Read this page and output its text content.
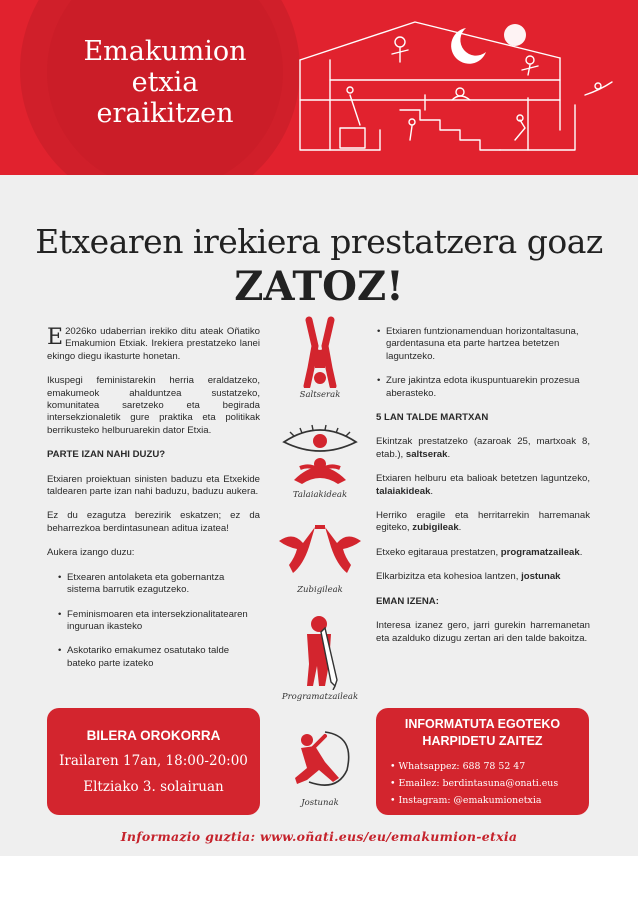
Emakumion
etxia eraikitzen
Etxearen irekiera prestatzera goaz
ZATOZ!

E 2026ko udaberrian irekiko ditu ateak Oñatiko Emakumion Etxiak. Irekiera prestatzeko lanei ekingo diegu ikasturte honetan.

Ikuspegi feministarekin herria eraldatzeko, emakumeok ahalduntzea sustatzeko, komunitatea saretzeko eta begirada intersekzionaletik gure praktika eta politikak berrikusteko helburuarekin dator Etxia.

PARTE IZAN NAHI DUZU?

Etxiaren proiektuan sinisten baduzu eta Etxekide taldearen parte izan nahi baduzu, baduzu aukera.

Ez du ezagutza berezirik eskatzen; ez da beharrezkoa berdintasunean aditua izatea!

Aukera izango duzu:

• Etxearen antolaketa eta gobernantza sistema barrutik ezagutzeko.
• Feminismoaren eta intersekzionalitatearen inguruan ikasteko
• Askotariko emakumez osatutako talde bateko parte izateko
Saltserak
Talaiakideak
Zubigileak
Programatzaileak
Jostunak
• Etxiaren funtzionamenduan horizontaltasuna, gardentasuna eta parte hartzea betetzen laguntzeko.
• Zure jakintza edota ikuspuntuarekin prozesua aberasteko.
5 LAN TALDE MARTXAN

Ekintzak prestatzeko (azaroak 25, martxoak 8, etab.), saltserak.

Etxiaren helburu eta balioak betetzen laguntzeko, talaiakideak.

Herriko eragile eta herritarrekin harremanak egiteko, zubigileak.

Etxeko egitaraua prestatzen, programatzaileak.

Elkarbizitza eta kohesioa lantzen, jostunak

EMAN IZENA:

Interesa izanez gero, jarri gurekin harremanetan eta azalduko dizugu zertan ari den talde bakoitza.

BILERA OROKORRA
Irailaren 17an, 18:00-20:00
Eltziako 3. solairuan
INFORMATUTA EGOTEKO
HARPIDETU ZAITEZ
• Whatsappez: 688 78 52 47
• Emailez: berdintasuna@onati.eus
• Instagram: @emakumionetxia
Informazio guztia: www.oñati.eus/eu/emakumion-etxia
